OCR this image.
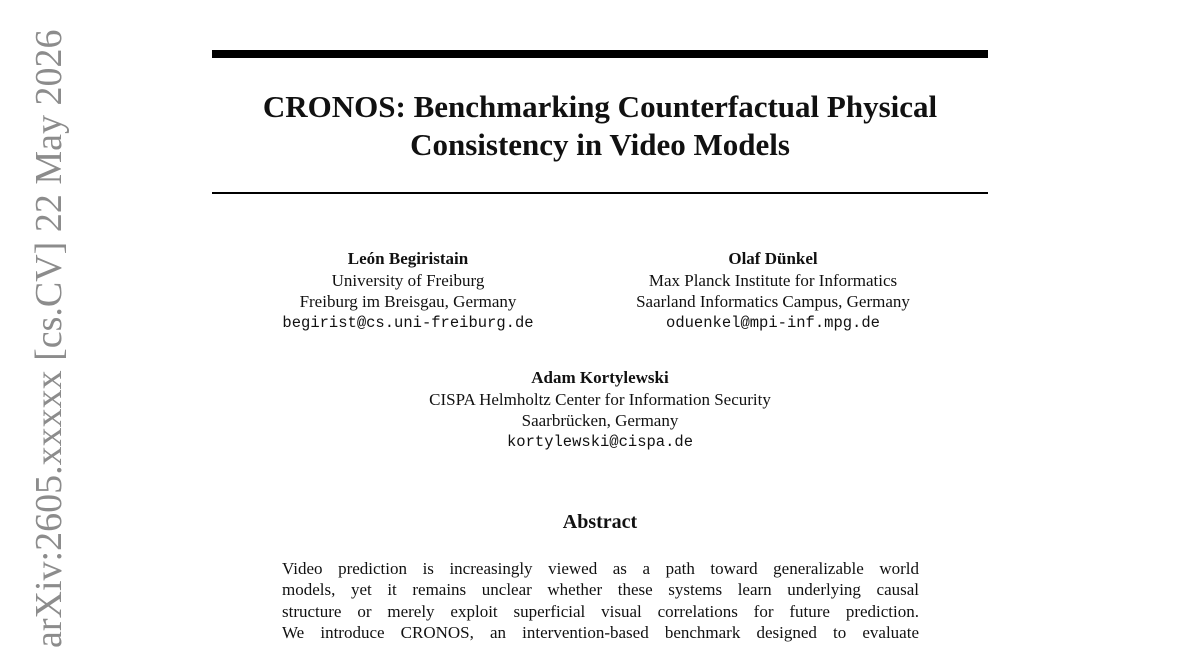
arXiv:2605.xxxxx [cs.CV] 22 May 2026	CRONOS: Benchmarking Counterfactual Physical
Consistency in Video Models
León Begiristain
University of Freiburg
Freiburg im Breisgau, Germany
begirist@cs.uni-freiburg.de
Olaf Dünkel
Max Planck Institute for Informatics
Saarland Informatics Campus, Germany
oduenkel@mpi-inf.mpg.de
Adam Kortylewski
CISPA Helmholtz Center for Information Security
Saarbrücken, Germany
kortylewski@cispa.de
Abstract
Video prediction is increasingly viewed as a path toward generalizable world
models, yet it remains unclear whether these systems learn underlying causal
structure or merely exploit superficial visual correlations for future prediction.
We introduce CRONOS, an intervention-based benchmark designed to evaluate
